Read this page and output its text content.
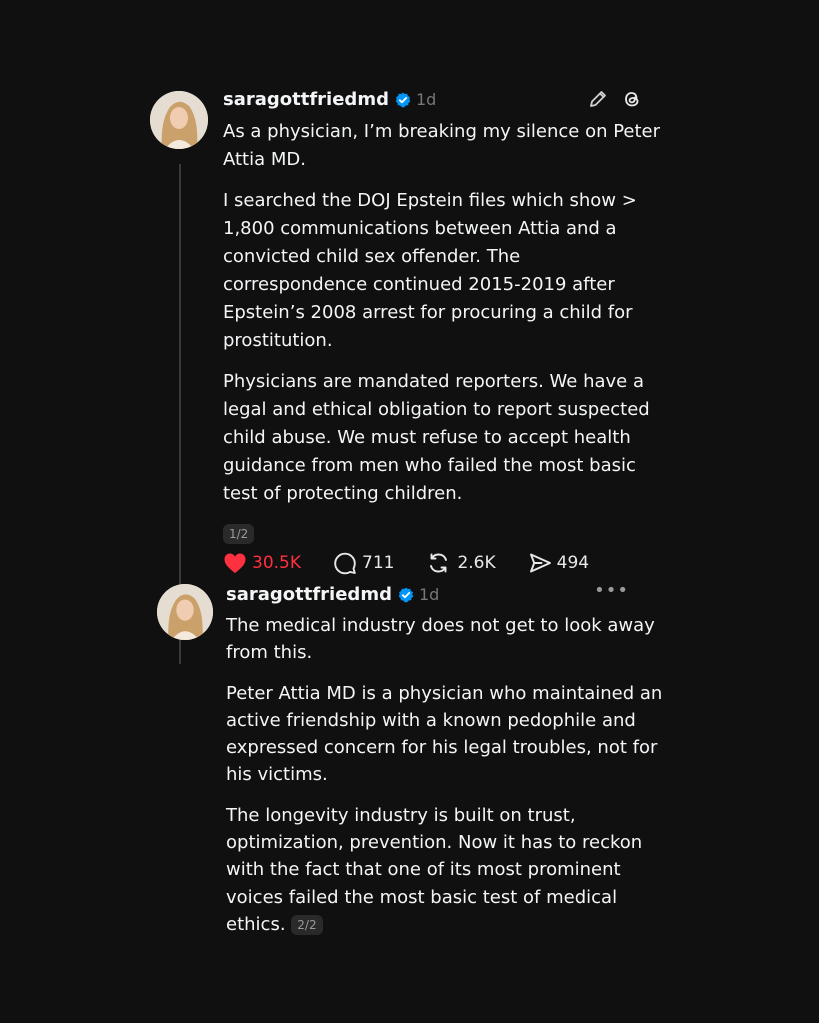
saragottfriedmd 1d

As a physician, I’m breaking my silence on Peter Attia MD.

I searched the DOJ Epstein files which show > 1,800 communications between Attia and a convicted child sex offender. The correspondence continued 2015-2019 after Epstein’s 2008 arrest for procuring a child for prostitution.

Physicians are mandated reporters. We have a legal and ethical obligation to report suspected child abuse. We must refuse to accept health guidance from men who failed the most basic test of protecting children.

1/2
30.5K	711	2.6K	494
saragottfriedmd 1d	•••

The medical industry does not get to look away from this.

Peter Attia MD is a physician who maintained an active friendship with a known pedophile and expressed concern for his legal troubles, not for his victims.

The longevity industry is built on trust, optimization, prevention. Now it has to reckon with the fact that one of its most prominent voices failed the most basic test of medical ethics. 2/2
